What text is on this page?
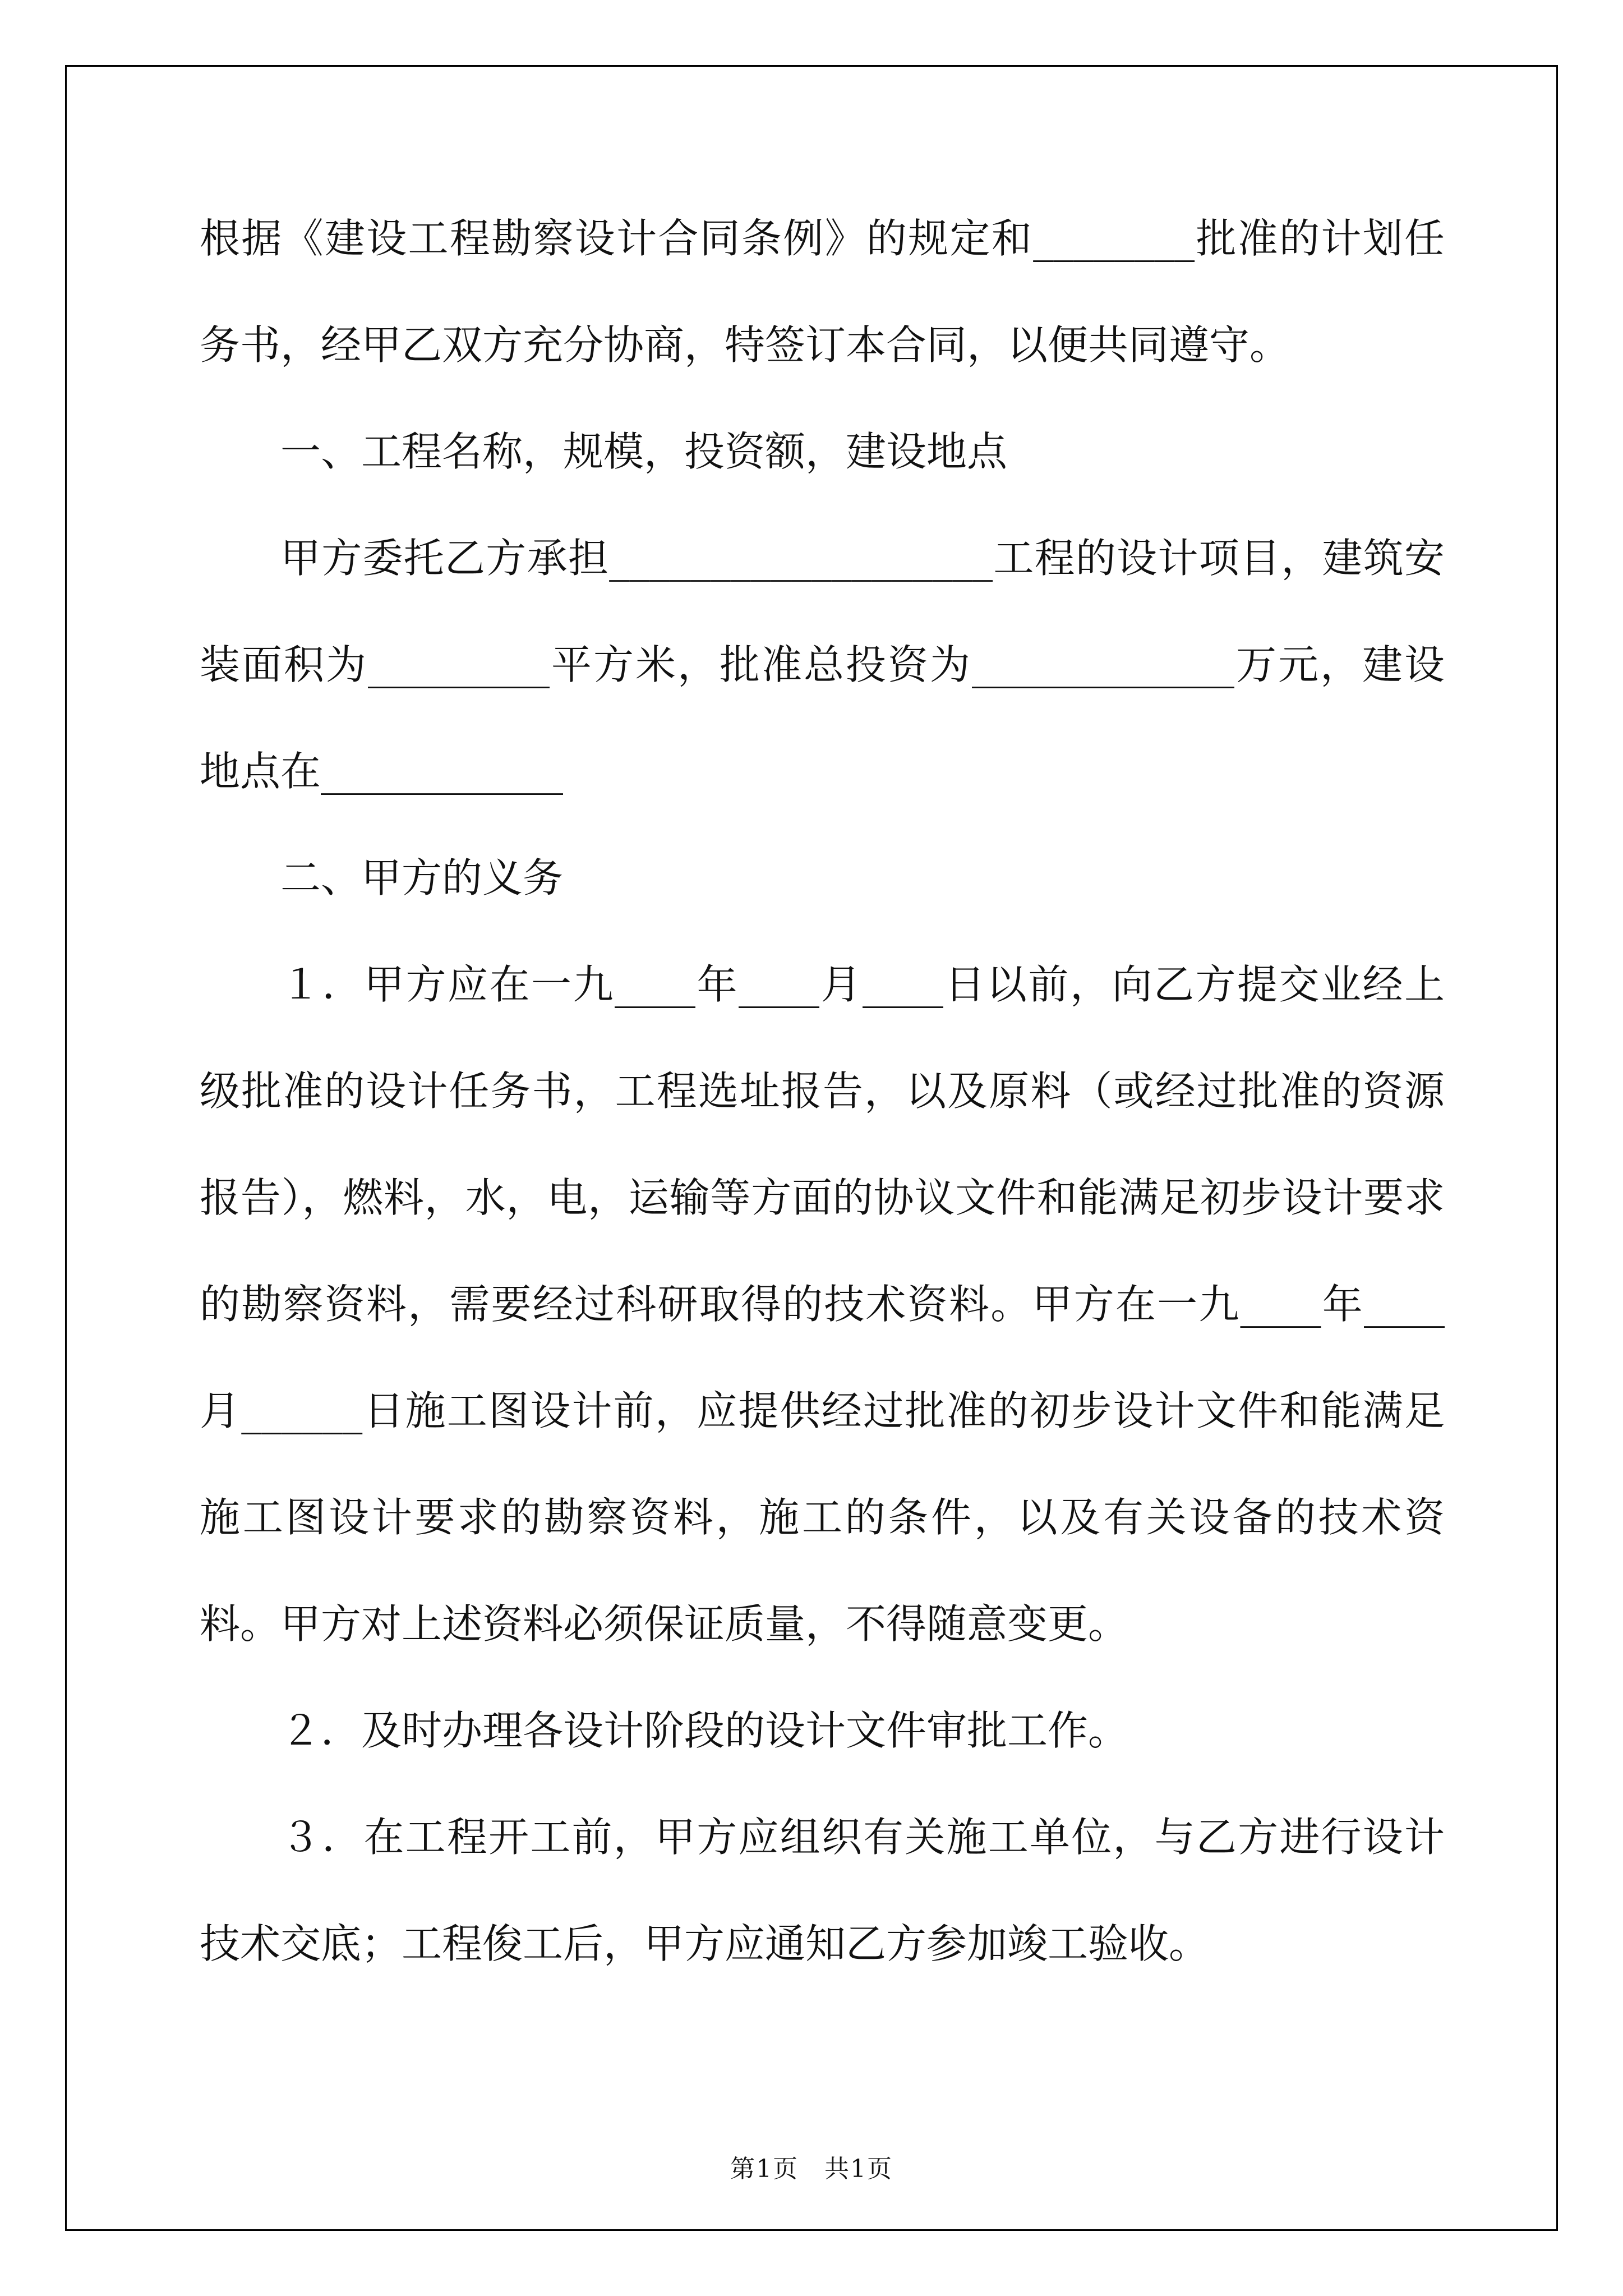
根据《建设工程勘察设计合同条例》的规定和________批准的计划任务书，经甲乙双方充分协商，特签订本合同，以便共同遵守。

一、工程名称，规模，投资额，建设地点

甲方委托乙方承担___________________工程的设计项目，建筑安装面积为_________平方米，批准总投资为_____________万元，建设地点在____________

二、甲方的义务

１．甲方应在一九____年____月____日以前，向乙方提交业经上级批准的设计任务书，工程选址报告，以及原料（或经过批准的资源报告），燃料，水，电，运输等方面的协议文件和能满足初步设计要求的勘察资料，需要经过科研取得的技术资料。甲方在一九____年____月______日施工图设计前，应提供经过批准的初步设计文件和能满足施工图设计要求的勘察资料，施工的条件，以及有关设备的技术资料。甲方对上述资料必须保证质量，不得随意变更。

２．及时办理各设计阶段的设计文件审批工作。

３．在工程开工前，甲方应组织有关施工单位，与乙方进行设计技术交底；工程俊工后，甲方应通知乙方参加竣工验收。

第1页　共1页
